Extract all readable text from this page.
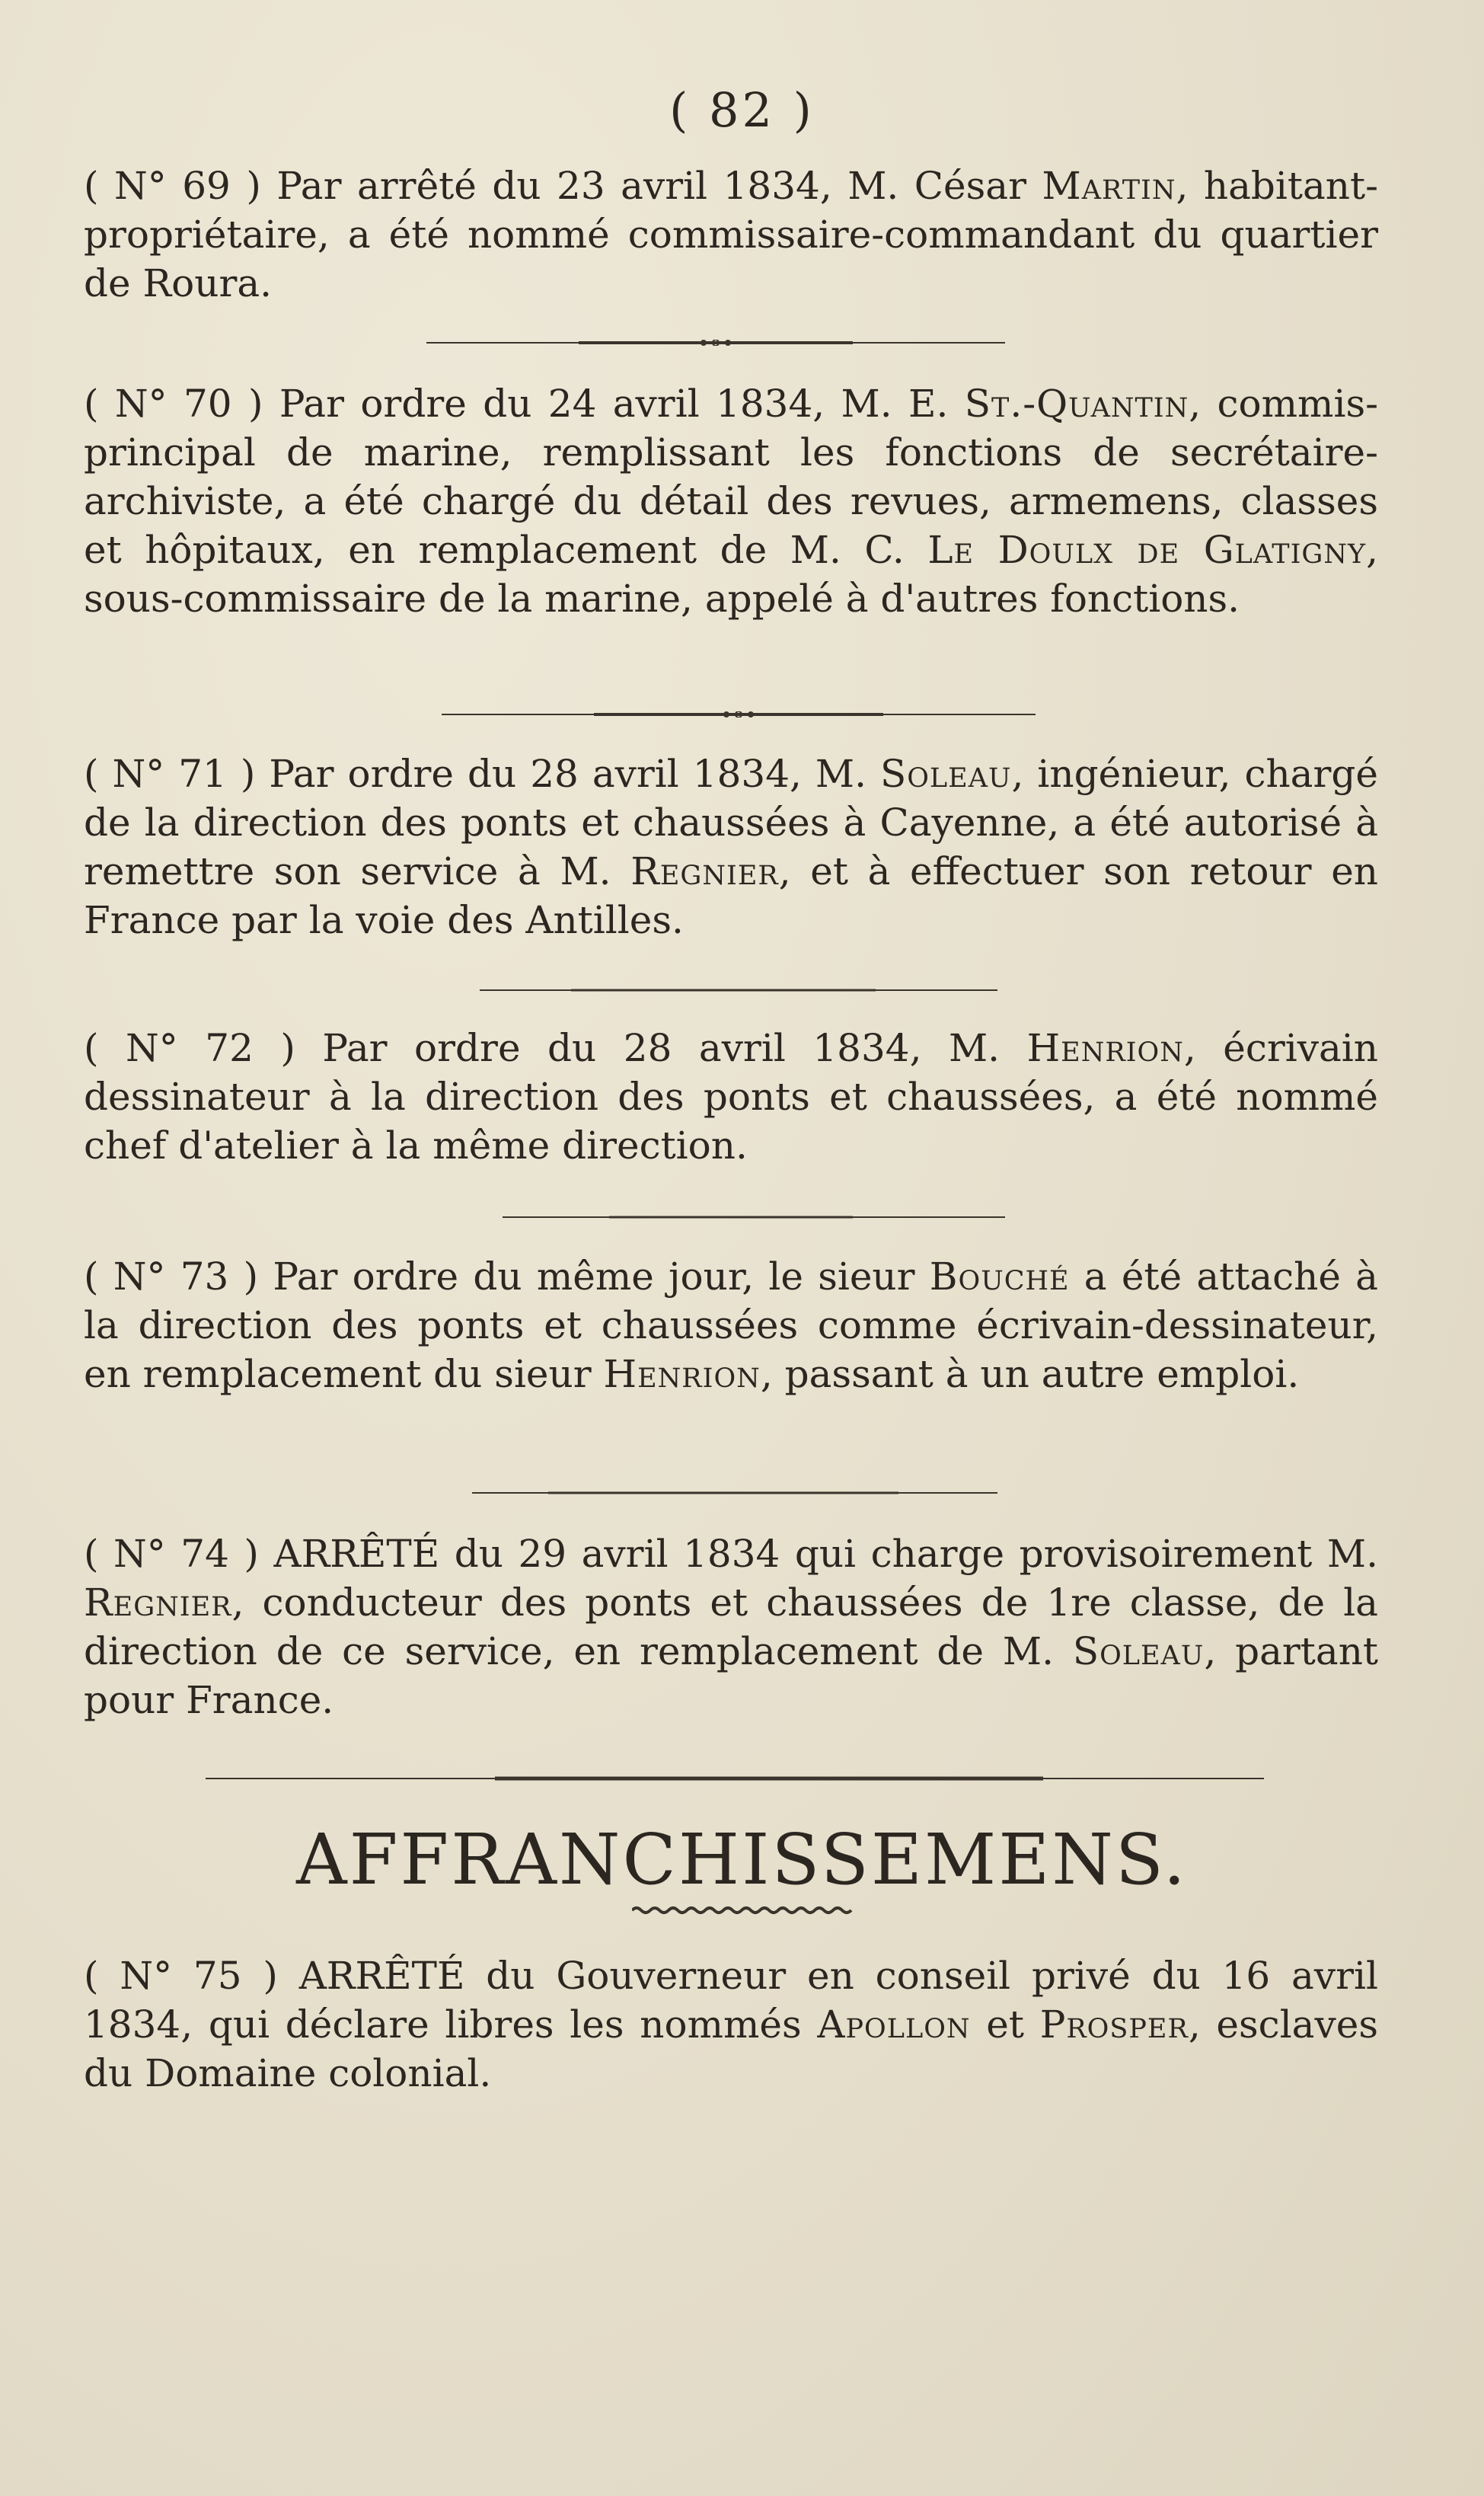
( 82 )

( N° 69 ) Par arrêté du 23 avril 1834, M. César Martin, habitant-propriétaire, a été nommé commissaire-commandant du quartier de Roura.

( N° 70 ) Par ordre du 24 avril 1834, M. E. St.-Quantin, commis-principal de marine, remplissant les fonctions de secrétaire-archiviste, a été chargé du détail des revues, armemens, classes et hôpitaux, en remplacement de M. C. Le Doulx de Glatigny, sous-commissaire de la marine, appelé à d'autres fonctions.

( N° 71 ) Par ordre du 28 avril 1834, M. Soleau, ingénieur, chargé de la direction des ponts et chaussées à Cayenne, a été autorisé à remettre son service à M. Regnier, et à effectuer son retour en France par la voie des Antilles.

( N° 72 ) Par ordre du 28 avril 1834, M. Henrion, écrivain dessinateur à la direction des ponts et chaussées, a été nommé chef d'atelier à la même direction.

( N° 73 ) Par ordre du même jour, le sieur Bouché a été attaché à la direction des ponts et chaussées comme écrivain-dessinateur, en remplacement du sieur Henrion, passant à un autre emploi.

( N° 74 ) ARRÊTÉ du 29 avril 1834 qui charge provisoirement M. Regnier, conducteur des ponts et chaussées de 1re classe, de la direction de ce service, en remplacement de M. Soleau, partant pour France.

AFFRANCHISSEMENS.

( N° 75 ) ARRÊTÉ du Gouverneur en conseil privé du 16 avril 1834, qui déclare libres les nommés Apollon et Prosper, esclaves du Domaine colonial.
